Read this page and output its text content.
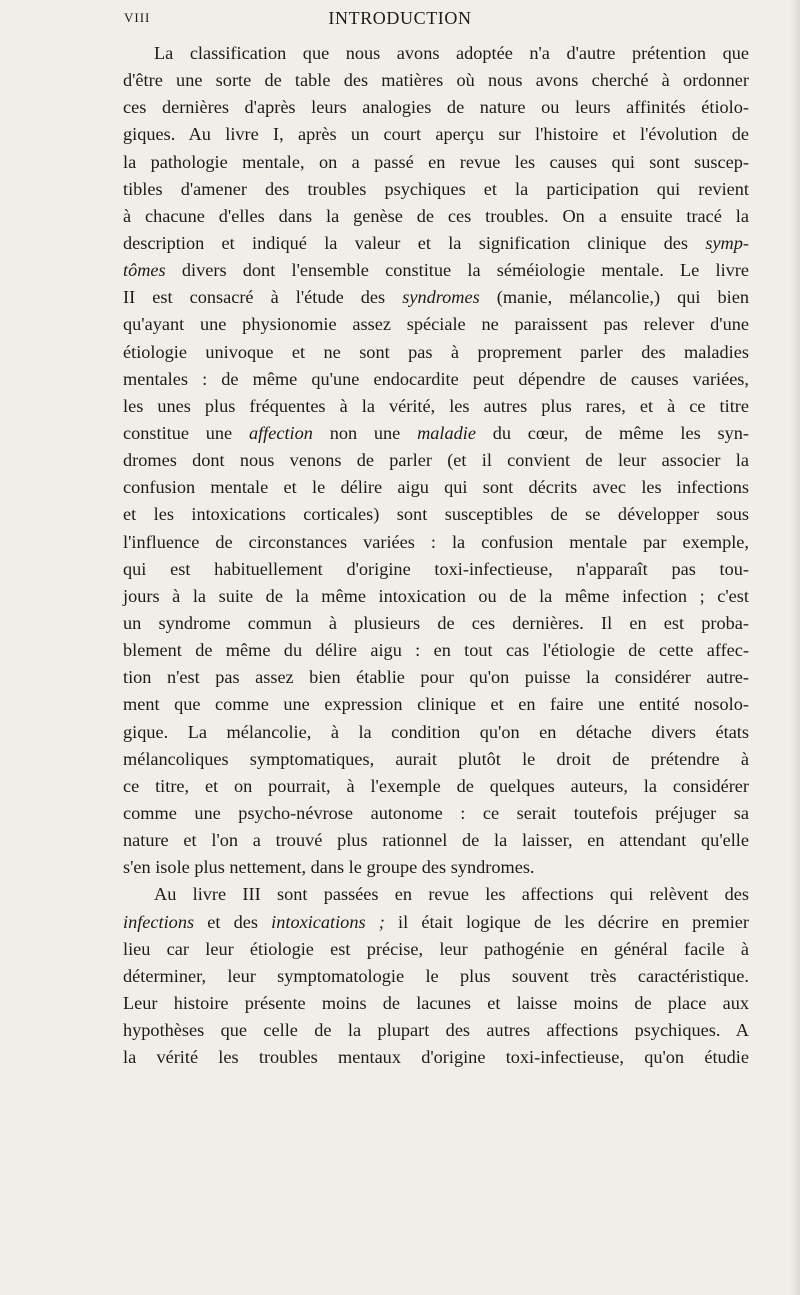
VIII	INTRODUCTION
La classification que nous avons adoptée n'a d'autre prétention que
d'être une sorte de table des matières où nous avons cherché à ordonner
ces dernières d'après leurs analogies de nature ou leurs affinités étiolo-
giques. Au livre I, après un court aperçu sur l'histoire et l'évolution de
la pathologie mentale, on a passé en revue les causes qui sont suscep-
tibles d'amener des troubles psychiques et la participation qui revient
à chacune d'elles dans la genèse de ces troubles. On a ensuite tracé la
description et indiqué la valeur et la signification clinique des symp-
tômes divers dont l'ensemble constitue la séméiologie mentale. Le livre
II est consacré à l'étude des syndromes (manie, mélancolie,) qui bien
qu'ayant une physionomie assez spéciale ne paraissent pas relever d'une
étiologie univoque et ne sont pas à proprement parler des maladies
mentales : de même qu'une endocardite peut dépendre de causes variées,
les unes plus fréquentes à la vérité, les autres plus rares, et à ce titre
constitue une affection non une maladie du cœur, de même les syn-
dromes dont nous venons de parler (et il convient de leur associer la
confusion mentale et le délire aigu qui sont décrits avec les infections
et les intoxications corticales) sont susceptibles de se développer sous
l'influence de circonstances variées : la confusion mentale par exemple,
qui est habituellement d'origine toxi-infectieuse, n'apparaît pas tou-
jours à la suite de la même intoxication ou de la même infection ; c'est
un syndrome commun à plusieurs de ces dernières. Il en est proba-
blement de même du délire aigu : en tout cas l'étiologie de cette affec-
tion n'est pas assez bien établie pour qu'on puisse la considérer autre-
ment que comme une expression clinique et en faire une entité nosolo-
gique. La mélancolie, à la condition qu'on en détache divers états
mélancoliques symptomatiques, aurait plutôt le droit de prétendre à
ce titre, et on pourrait, à l'exemple de quelques auteurs, la considérer
comme une psycho-névrose autonome : ce serait toutefois préjuger sa
nature et l'on a trouvé plus rationnel de la laisser, en attendant qu'elle
s'en isole plus nettement, dans le groupe des syndromes.
Au livre III sont passées en revue les affections qui relèvent des
infections et des intoxications ; il était logique de les décrire en premier
lieu car leur étiologie est précise, leur pathogénie en général facile à
déterminer, leur symptomatologie le plus souvent très caractéristique.
Leur histoire présente moins de lacunes et laisse moins de place aux
hypothèses que celle de la plupart des autres affections psychiques. A
la vérité les troubles mentaux d'origine toxi-infectieuse, qu'on étudie
